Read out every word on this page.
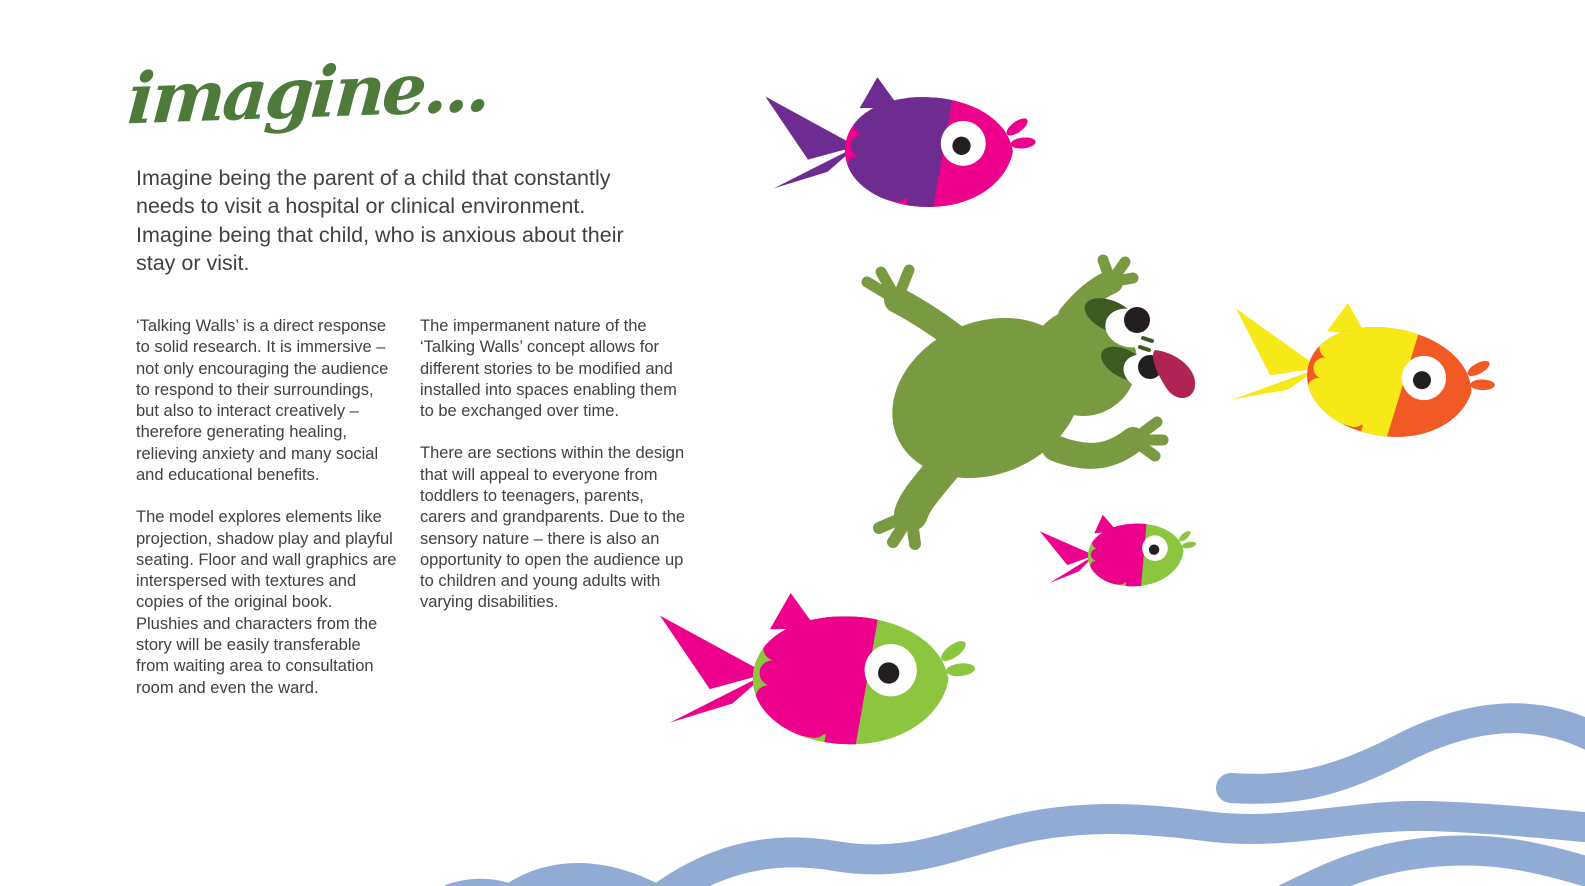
imagine...

Imagine being the parent of a child that constantly needs to visit a hospital or clinical environment. Imagine being that child, who is anxious about their stay or visit.

‘Talking Walls’ is a direct response to solid research. It is immersive – not only encouraging the audience to respond to their surroundings, but also to interact creatively – therefore generating healing, relieving anxiety and many social and educational benefits.

The model explores elements like projection, shadow play and playful seating. Floor and wall graphics are interspersed with textures and copies of the original book. Plushies and characters from the story will be easily transferable from waiting area to consultation room and even the ward.

The impermanent nature of the ‘Talking Walls’ concept allows for different stories to be modified and installed into spaces enabling them to be exchanged over time.

There are sections within the design that will appeal to everyone from toddlers to teenagers, parents, carers and grandparents. Due to the sensory nature – there is also an opportunity to open the audience up to children and young adults with varying disabilities.
